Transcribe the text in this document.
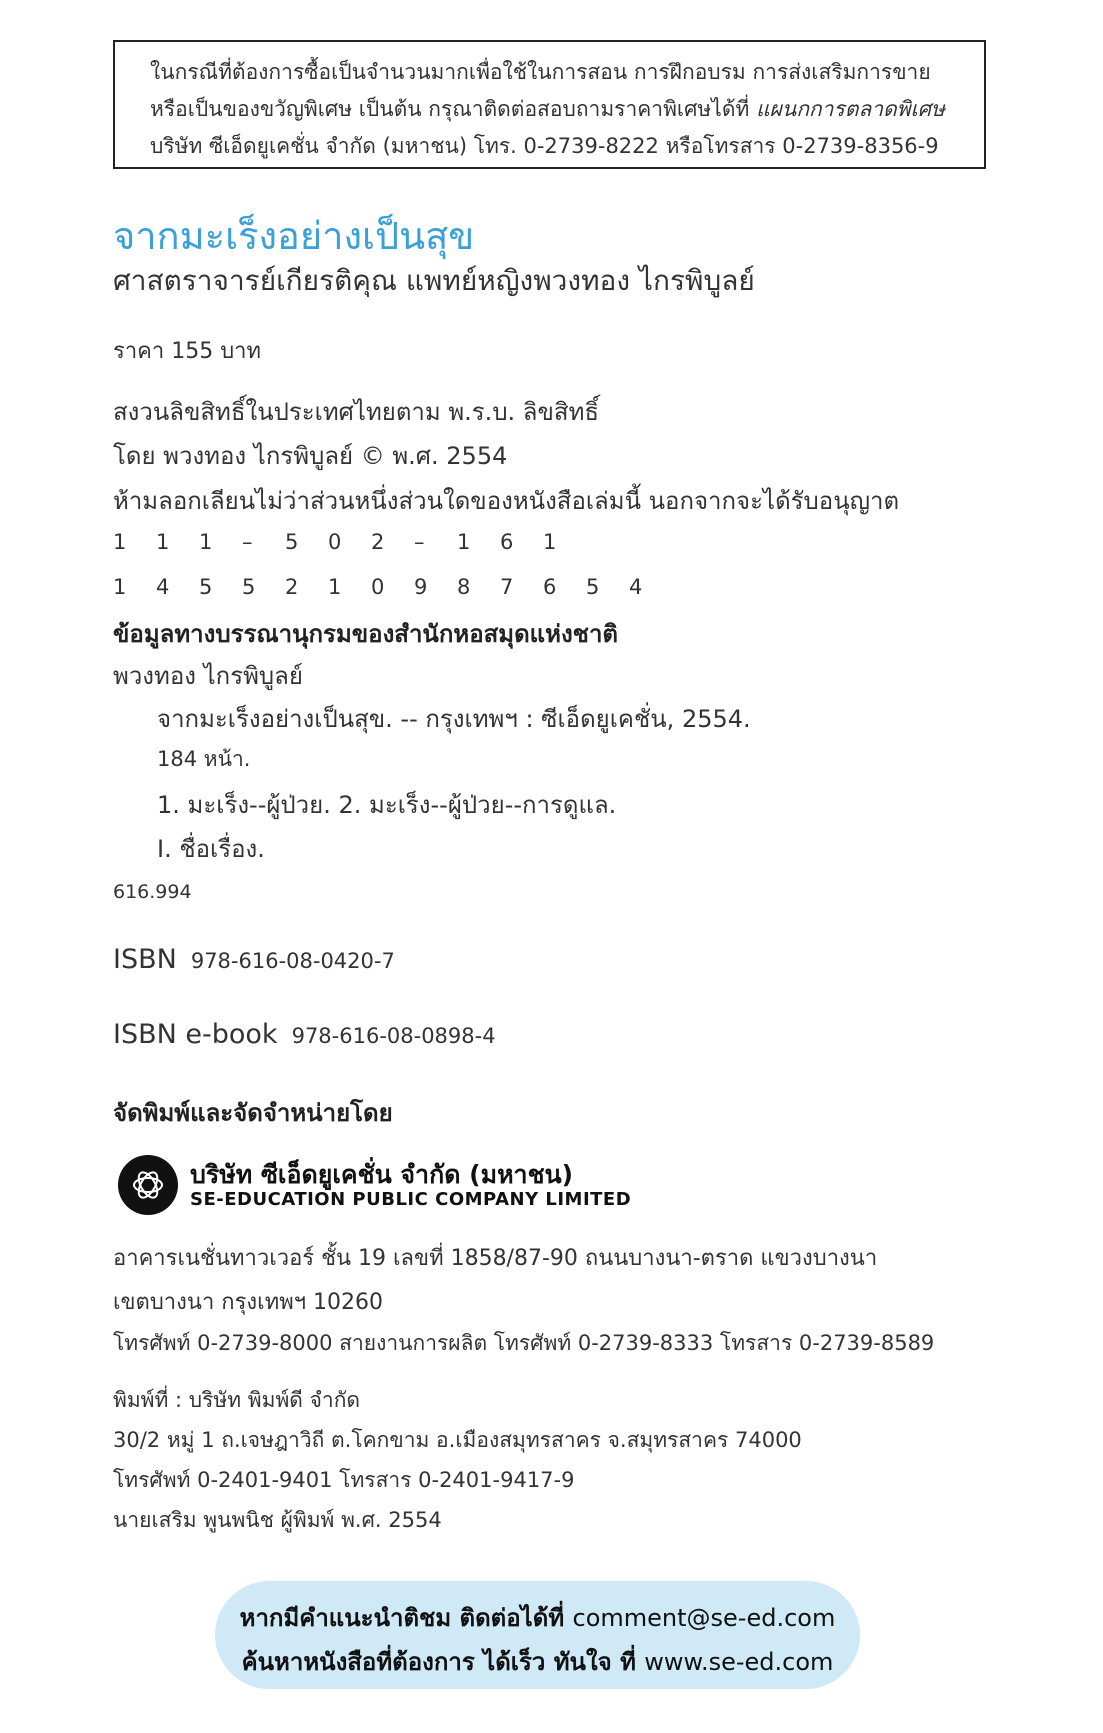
ในกรณีที่ต้องการซื้อเป็นจำนวนมากเพื่อใช้ในการสอน การฝึกอบรม การส่งเสริมการขาย
หรือเป็นของขวัญพิเศษ เป็นต้น กรุณาติดต่อสอบถามราคาพิเศษได้ที่ แผนกการตลาดพิเศษ
บริษัท ซีเอ็ดยูเคชั่น จำกัด (มหาชน) โทร. 0-2739-8222 หรือโทรสาร 0-2739-8356-9
จากมะเร็งอย่างเป็นสุข
ศาสตราจารย์เกียรติคุณ แพทย์หญิงพวงทอง ไกรพิบูลย์
ราคา 155 บาท
สงวนลิขสิทธิ์ในประเทศไทยตาม พ.ร.บ. ลิขสิทธิ์
โดย พวงทอง ไกรพิบูลย์ © พ.ศ. 2554
ห้ามลอกเลียนไม่ว่าส่วนหนึ่งส่วนใดของหนังสือเล่มนี้ นอกจากจะได้รับอนุญาต
1	1	1	–	5	0	2	–	1	6	1
1	4	5	5	2	1	0	9	8	7	6	5	4
ข้อมูลทางบรรณานุกรมของสำนักหอสมุดแห่งชาติ
พวงทอง ไกรพิบูลย์
จากมะเร็งอย่างเป็นสุข. -- กรุงเทพฯ : ซีเอ็ดยูเคชั่น, 2554.
184 หน้า.
1. มะเร็ง--ผู้ป่วย. 2. มะเร็ง--ผู้ป่วย--การดูแล.
I. ชื่อเรื่อง.
616.994
ISBN 978-616-08-0420-7
ISBN e-book 978-616-08-0898-4
จัดพิมพ์และจัดจำหน่ายโดย
บริษัท ซีเอ็ดยูเคชั่น จำกัด (มหาชน)
SE-EDUCATION PUBLIC COMPANY LIMITED
อาคารเนชั่นทาวเวอร์ ชั้น 19 เลขที่ 1858/87-90 ถนนบางนา-ตราด แขวงบางนา
เขตบางนา กรุงเทพฯ 10260
โทรศัพท์ 0-2739-8000 สายงานการผลิต โทรศัพท์ 0-2739-8333 โทรสาร 0-2739-8589
พิมพ์ที่ : บริษัท พิมพ์ดี จำกัด
30/2 หมู่ 1 ถ.เจษฎาวิถี ต.โคกขาม อ.เมืองสมุทรสาคร จ.สมุทรสาคร 74000
โทรศัพท์ 0-2401-9401 โทรสาร 0-2401-9417-9
นายเสริม พูนพนิช ผู้พิมพ์ พ.ศ. 2554
หากมีคำแนะนำติชม ติดต่อได้ที่ comment@se-ed.com
ค้นหาหนังสือที่ต้องการ ได้เร็ว ทันใจ ที่ www.se-ed.com
